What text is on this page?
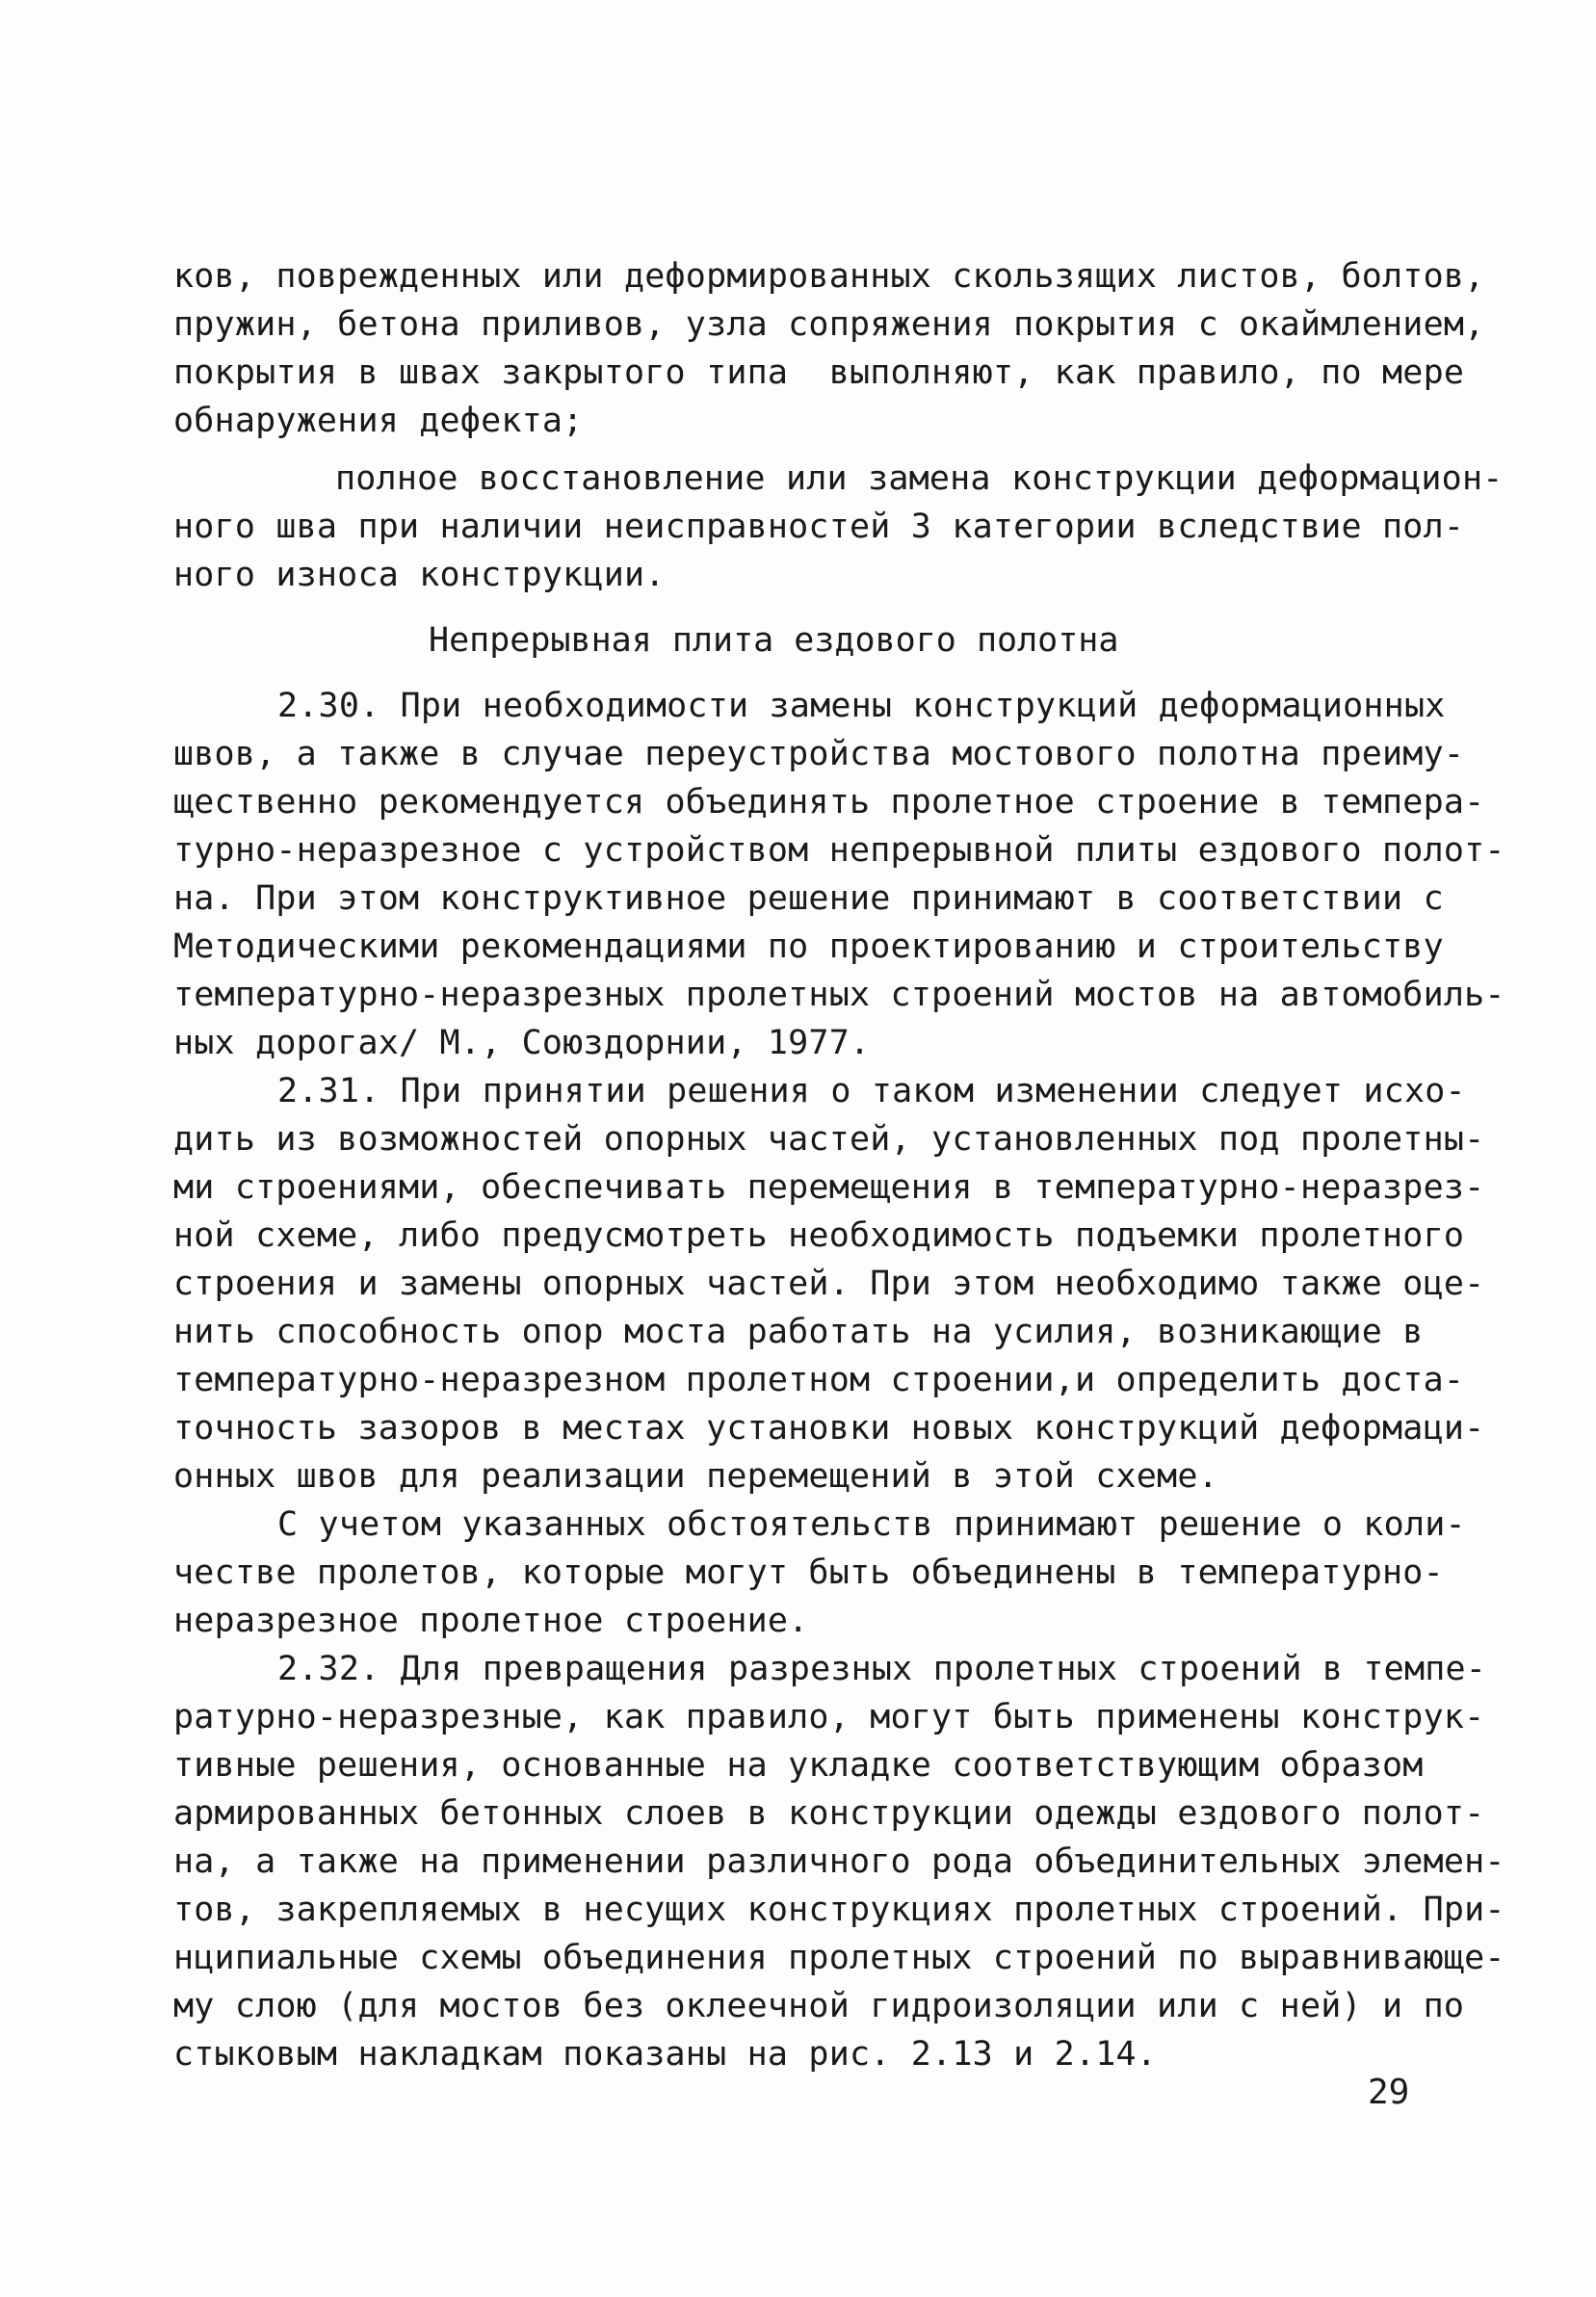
ков, поврежденных или деформированных скользящих листов, болтов,
пружин, бетона приливов, узла сопряжения покрытия с окаймлением,
покрытия в швах закрытого типа  выполняют, как правило, по мере
обнаружения дефекта;
полное восстановление или замена конструкции деформацион-
ного шва при наличии неисправностей 3 категории вследствие пол-
ного износа конструкции.
Непрерывная плита ездового полотна
2.30. При необходимости замены конструкций деформационных
швов, а также в случае переустройства мостового полотна преиму-
щественно рекомендуется объединять пролетное строение в темпера-
турно-неразрезное с устройством непрерывной плиты ездового полот-
на. При этом конструктивное решение принимают в соответствии с
Методическими рекомендациями по проектированию и строительству
температурно-неразрезных пролетных строений мостов на автомобиль-
ных дорогах/ М., Союздорнии, 1977.
2.31. При принятии решения о таком изменении следует исхо-
дить из возможностей опорных частей, установленных под пролетны-
ми строениями, обеспечивать перемещения в температурно-неразрез-
ной схеме, либо предусмотреть необходимость подъемки пролетного
строения и замены опорных частей. При этом необходимо также оце-
нить способность опор моста работать на усилия, возникающие в
температурно-неразрезном пролетном строении,и определить доста-
точность зазоров в местах установки новых конструкций деформаци-
онных швов для реализации перемещений в этой схеме.
С учетом указанных обстоятельств принимают решение о коли-
честве пролетов, которые могут быть объединены в температурно-
неразрезное пролетное строение.
2.32. Для превращения разрезных пролетных строений в темпе-
ратурно-неразрезные, как правило, могут быть применены конструк-
тивные решения, основанные на укладке соответствующим образом
армированных бетонных слоев в конструкции одежды ездового полот-
на, а также на применении различного рода объединительных элемен-
тов, закрепляемых в несущих конструкциях пролетных строений. При-
нципиальные схемы объединения пролетных строений по выравнивающе-
му слою (для мостов без оклеечной гидроизоляции или с ней) и по
стыковым накладкам показаны на рис. 2.13 и 2.14.
29
